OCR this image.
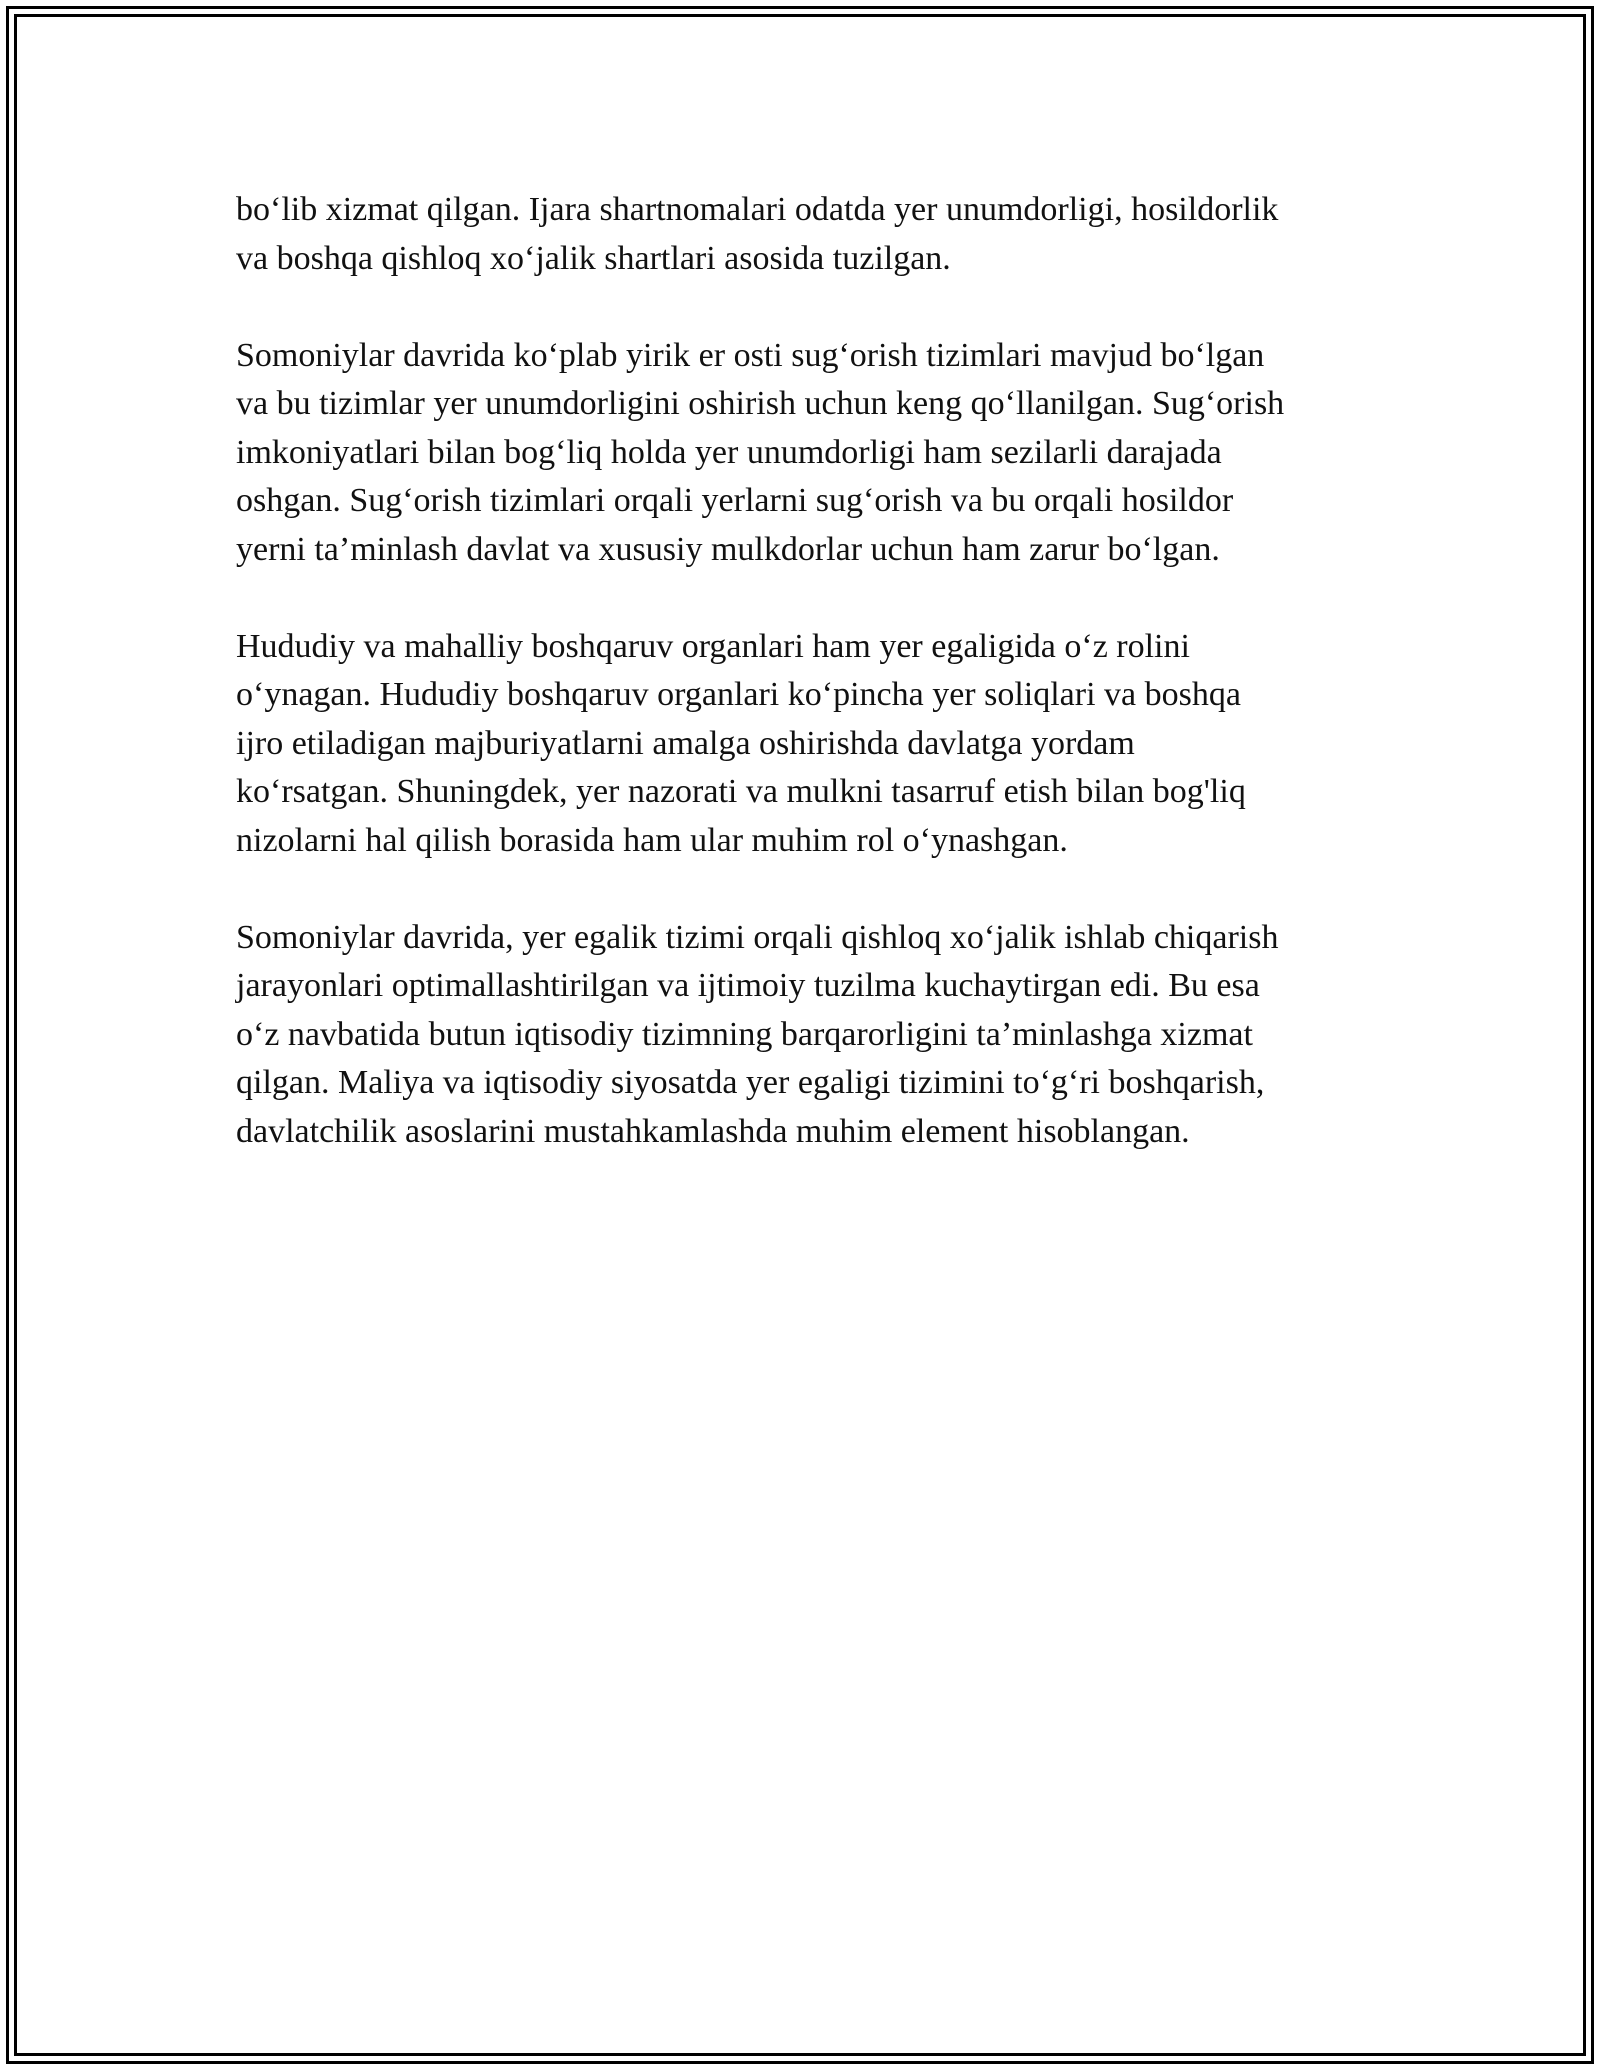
bo‘lib xizmat qilgan. Ijara shartnomalari odatda yer unumdorligi, hosildorlik
va boshqa qishloq xo‘jalik shartlari asosida tuzilgan.

Somoniylar davrida ko‘plab yirik er osti sug‘orish tizimlari mavjud bo‘lgan
va bu tizimlar yer unumdorligini oshirish uchun keng qo‘llanilgan. Sug‘orish
imkoniyatlari bilan bog‘liq holda yer unumdorligi ham sezilarli darajada
oshgan. Sug‘orish tizimlari orqali yerlarni sug‘orish va bu orqali hosildor
yerni ta’minlash davlat va xususiy mulkdorlar uchun ham zarur bo‘lgan.

Hududiy va mahalliy boshqaruv organlari ham yer egaligida o‘z rolini
o‘ynagan. Hududiy boshqaruv organlari ko‘pincha yer soliqlari va boshqa
ijro etiladigan majburiyatlarni amalga oshirishda davlatga yordam
ko‘rsatgan. Shuningdek, yer nazorati va mulkni tasarruf etish bilan bog'liq
nizolarni hal qilish borasida ham ular muhim rol o‘ynashgan.

Somoniylar davrida, yer egalik tizimi orqali qishloq xo‘jalik ishlab chiqarish
jarayonlari optimallashtirilgan va ijtimoiy tuzilma kuchaytirgan edi. Bu esa
o‘z navbatida butun iqtisodiy tizimning barqarorligini ta’minlashga xizmat
qilgan. Maliya va iqtisodiy siyosatda yer egaligi tizimini to‘g‘ri boshqarish,
davlatchilik asoslarini mustahkamlashda muhim element hisoblangan.
